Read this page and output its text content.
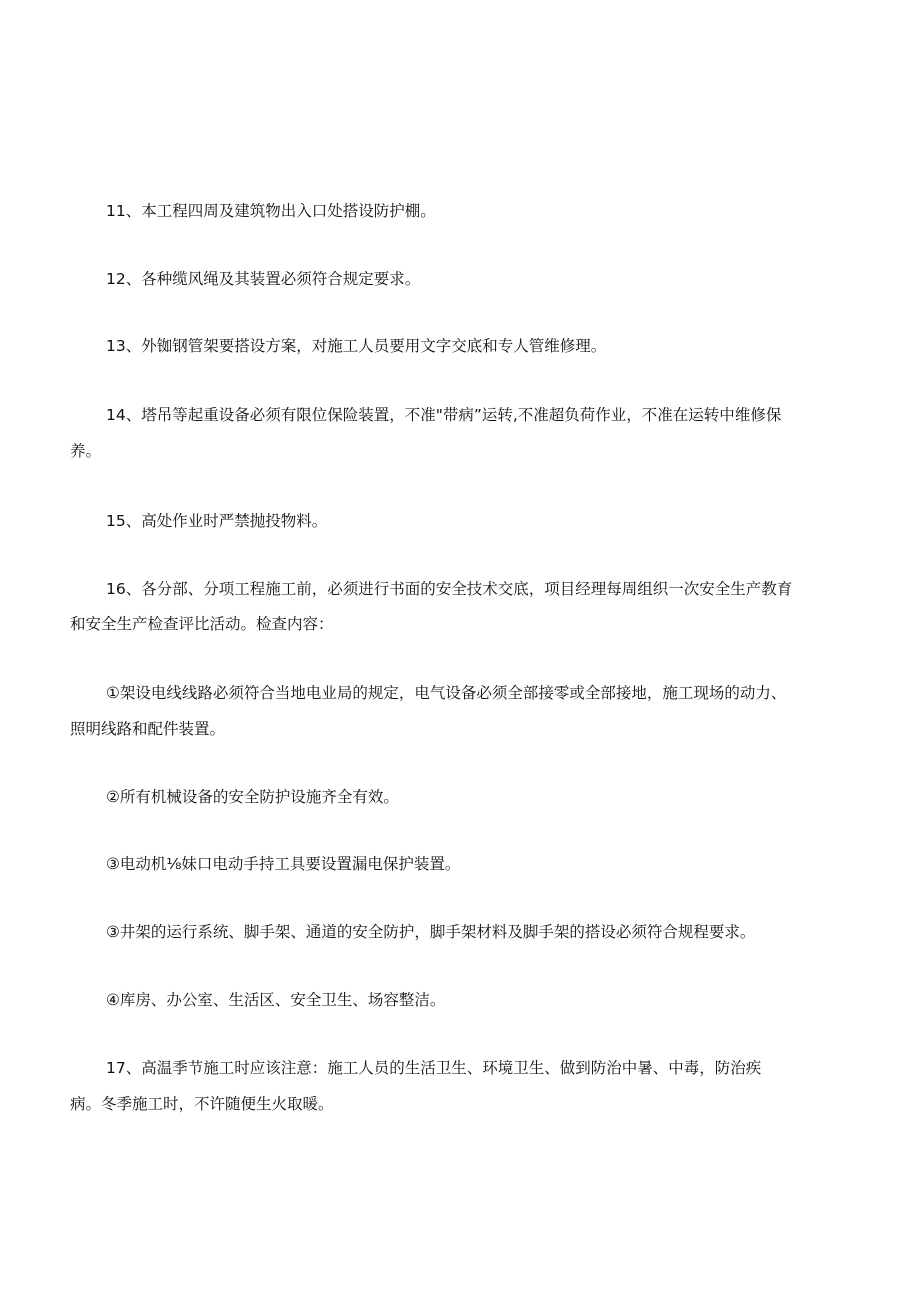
11、本工程四周及建筑物出入口处搭设防护棚。

12、各种缆风绳及其装置必须符合规定要求。

13、外铷钢管架要搭设方案，对施工人员要用文字交底和专人管维修理。

14、塔吊等起重设备必须有限位保险装置，不准"带病”运转,不准超负荷作业，不准在运转中维修保

养。

15、高处作业时严禁抛投物料。

16、各分部、分项工程施工前，必须进行书面的安全技术交底，项目经理每周组织一次安全生产教育

和安全生产检查评比活动。检查内容：

①架设电线线路必须符合当地电业局的规定，电气设备必须全部接零或全部接地，施工现场的动力、

照明线路和配件装置。

②所有机械设备的安全防护设施齐全有效。

③电动机⅛妹口电动手持工具要设置漏电保护装置。

③井架的运行系统、脚手架、通道的安全防护，脚手架材料及脚手架的搭设必须符合规程要求。

④库房、办公室、生活区、安全卫生、场容整洁。

17、高温季节施工时应该注意：施工人员的生活卫生、环境卫生、做到防治中暑、中毒，防治疾

病。冬季施工时，不许随便生火取暖。
